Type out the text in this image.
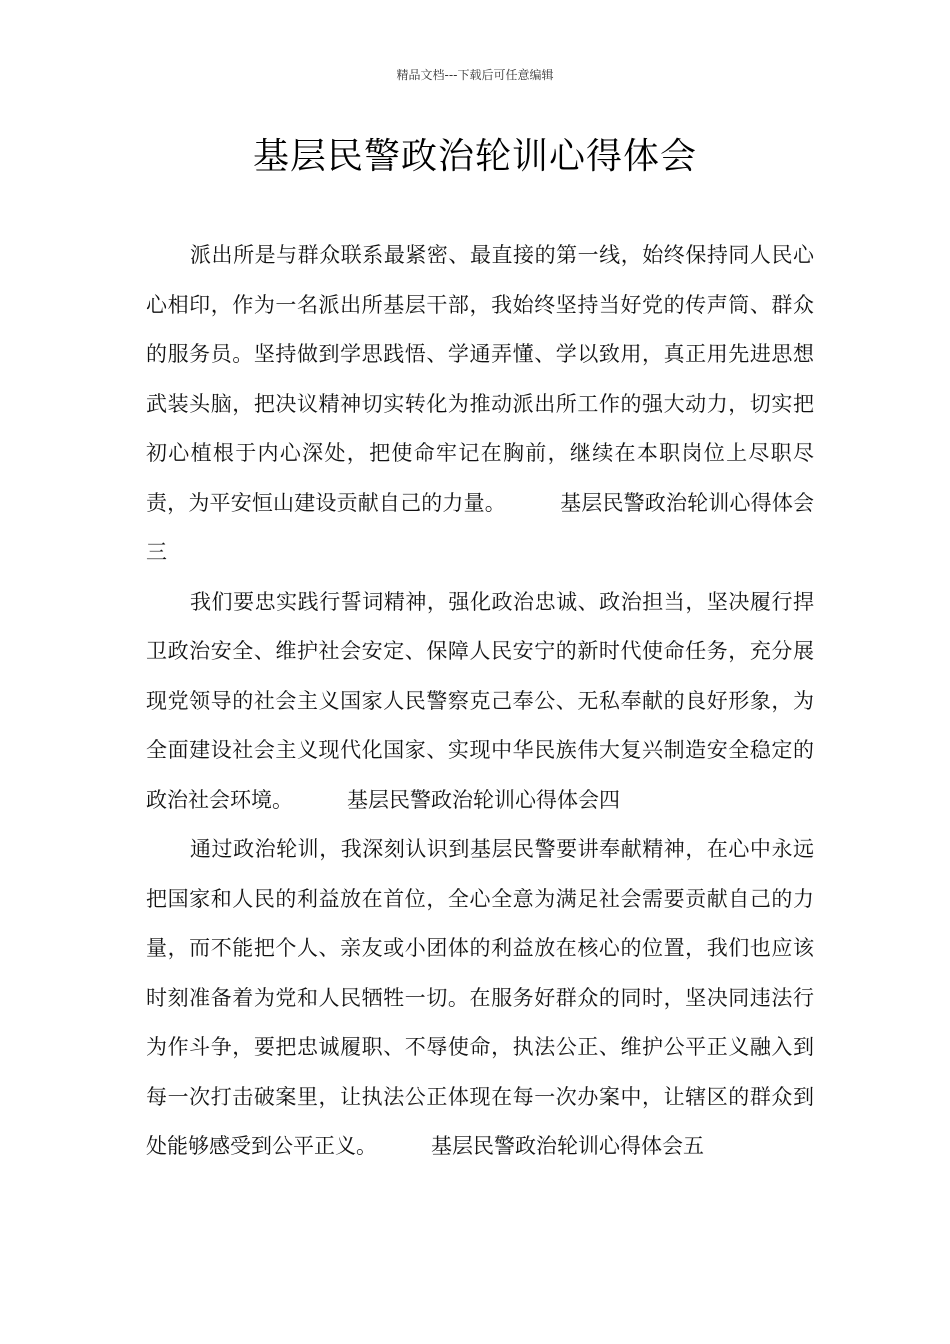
精品文档---下载后可任意编辑
基层民警政治轮训心得体会

派出所是与群众联系最紧密、最直接的第一线，始终保持同人民心心相印，作为一名派出所基层干部，我始终坚持当好党的传声筒、群众的服务员。坚持做到学思践悟、学通弄懂、学以致用，真正用先进思想武装头脑，把决议精神切实转化为推动派出所工作的强大动力，切实把初心植根于内心深处，把使命牢记在胸前，继续在本职岗位上尽职尽责，为平安恒山建设贡献自己的力量。	基层民警政治轮训心得体会三

我们要忠实践行誓词精神，强化政治忠诚、政治担当，坚决履行捍卫政治安全、维护社会安定、保障人民安宁的新时代使命任务，充分展现党领导的社会主义国家人民警察克己奉公、无私奉献的良好形象，为全面建设社会主义现代化国家、实现中华民族伟大复兴制造安全稳定的政治社会环境。	基层民警政治轮训心得体会四

通过政治轮训，我深刻认识到基层民警要讲奉献精神，在心中永远把国家和人民的利益放在首位，全心全意为满足社会需要贡献自己的力量，而不能把个人、亲友或小团体的利益放在核心的位置，我们也应该时刻准备着为党和人民牺牲一切。在服务好群众的同时，坚决同违法行为作斗争，要把忠诚履职、不辱使命，执法公正、维护公平正义融入到每一次打击破案里，让执法公正体现在每一次办案中，让辖区的群众到处能够感受到公平正义。	基层民警政治轮训心得体会五
